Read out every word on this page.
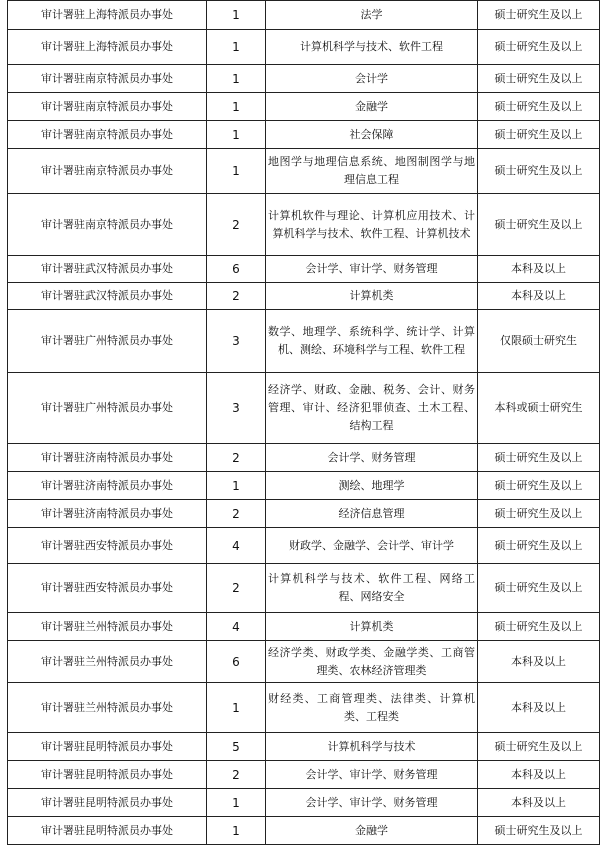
审计署驻上海特派员办事处	1	法学	硕士研究生及以上
审计署驻上海特派员办事处	1	计算机科学与技术、软件工程	硕士研究生及以上
审计署驻南京特派员办事处	1	会计学	硕士研究生及以上
审计署驻南京特派员办事处	1	金融学	硕士研究生及以上
审计署驻南京特派员办事处	1	社会保障	硕士研究生及以上
审计署驻南京特派员办事处	1	地图学与地理信息系统、地图制图学与地理信息工程	硕士研究生及以上
审计署驻南京特派员办事处	2	计算机软件与理论、计算机应用技术、计算机科学与技术、软件工程、计算机技术	硕士研究生及以上
审计署驻武汉特派员办事处	6	会计学、审计学、财务管理	本科及以上
审计署驻武汉特派员办事处	2	计算机类	本科及以上
审计署驻广州特派员办事处	3	数学、地理学、系统科学、统计学、计算机、测绘、环境科学与工程、软件工程	仅限硕士研究生
审计署驻广州特派员办事处	3	经济学、财政、金融、税务、会计、财务管理、审计、经济犯罪侦查、土木工程、结构工程	本科或硕士研究生
审计署驻济南特派员办事处	2	会计学、财务管理	硕士研究生及以上
审计署驻济南特派员办事处	1	测绘、地理学	硕士研究生及以上
审计署驻济南特派员办事处	2	经济信息管理	硕士研究生及以上
审计署驻西安特派员办事处	4	财政学、金融学、会计学、审计学	硕士研究生及以上
审计署驻西安特派员办事处	2	计算机科学与技术、软件工程、网络工程、网络安全	硕士研究生及以上
审计署驻兰州特派员办事处	4	计算机类	硕士研究生及以上
审计署驻兰州特派员办事处	6	经济学类、财政学类、金融学类、工商管理类、农林经济管理类	本科及以上
审计署驻兰州特派员办事处	1	财经类、工商管理类、法律类、计算机类、工程类	本科及以上
审计署驻昆明特派员办事处	5	计算机科学与技术	硕士研究生及以上
审计署驻昆明特派员办事处	2	会计学、审计学、财务管理	本科及以上
审计署驻昆明特派员办事处	1	会计学、审计学、财务管理	本科及以上
审计署驻昆明特派员办事处	1	金融学	硕士研究生及以上
